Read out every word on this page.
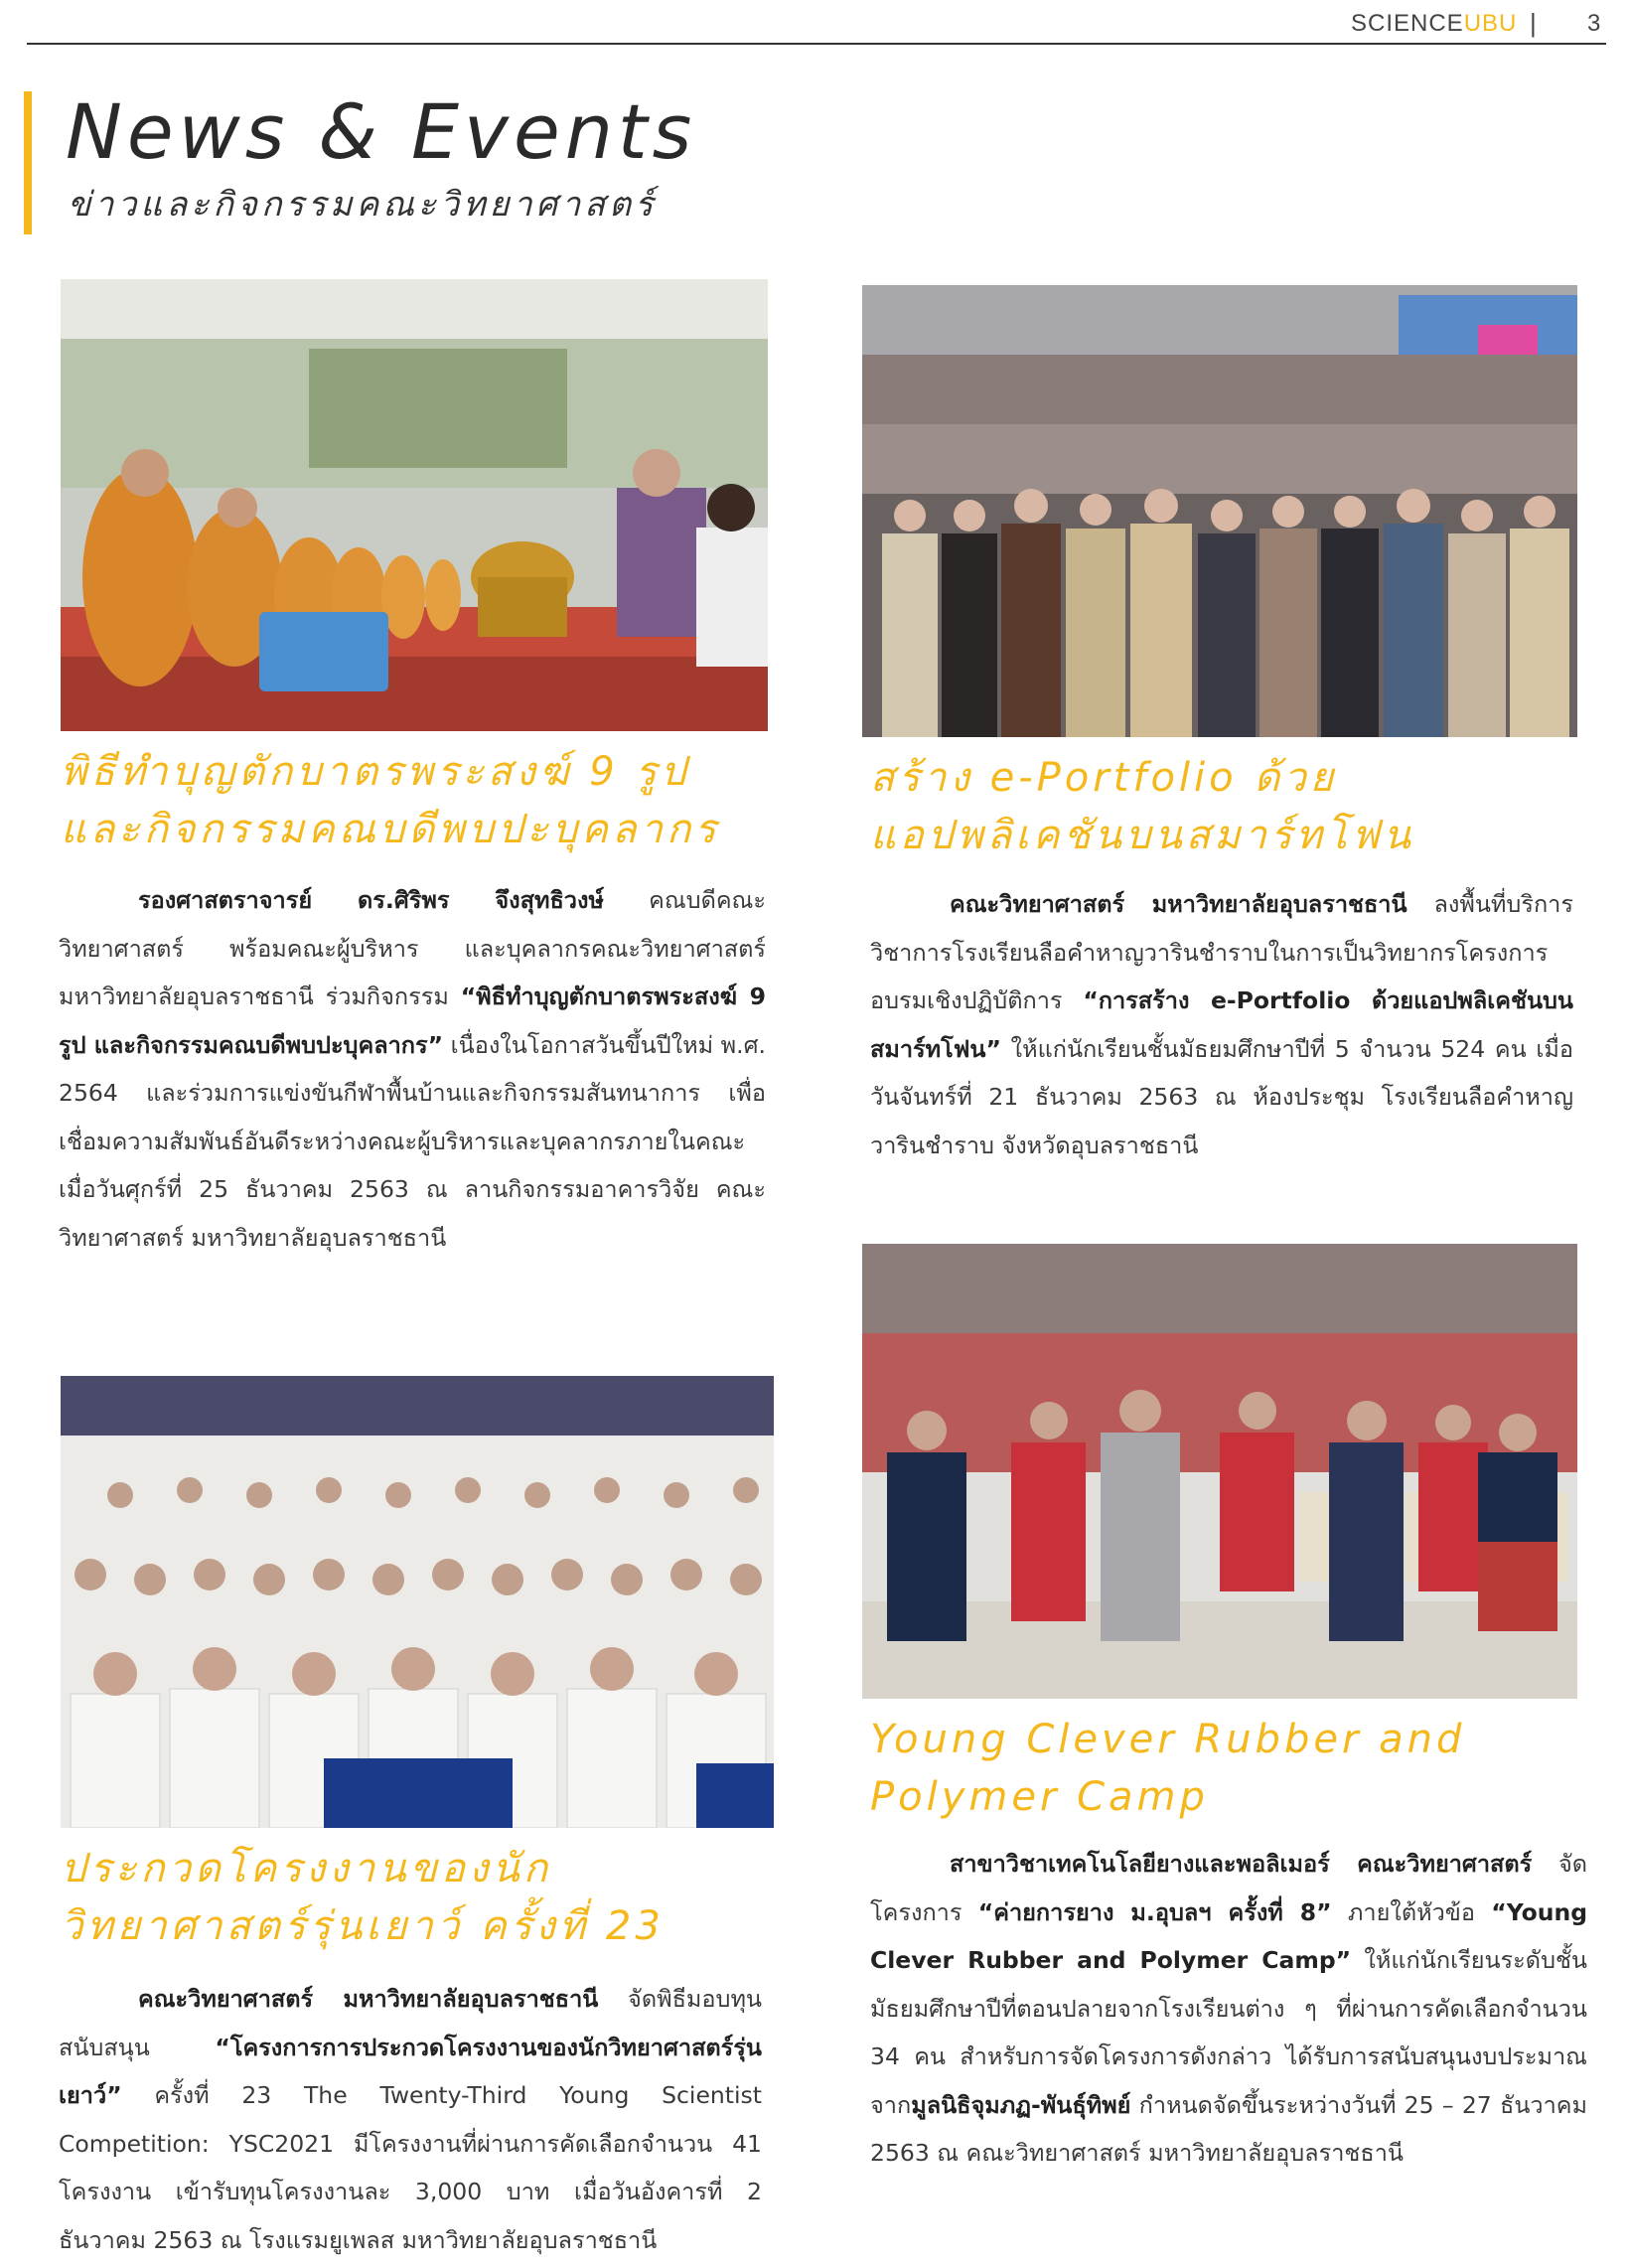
SCIENCEUBU | 3
News & Events

ข่าวและกิจกรรมคณะวิทยาศาสตร์

พิธีทำบุญตักบาตรพระสงฆ์ 9 รูปและกิจกรรมคณบดีพบปะบุคลากร

รองศาสตราจารย์ ดร.ศิริพร จึงสุทธิวงษ์ คณบดีคณะวิทยาศาสตร์ พร้อมคณะผู้บริหาร และบุคลากรคณะวิทยาศาสตร์ มหาวิทยาลัยอุบลราชธานี ร่วมกิจกรรม “พิธีทำบุญตักบาตรพระสงฆ์ 9 รูป และกิจกรรมคณบดีพบปะบุคลากร” เนื่องในโอกาสวันขึ้นปีใหม่ พ.ศ. 2564 และร่วมการแข่งขันกีฬาพื้นบ้านและกิจกรรมสันทนาการ เพื่อเชื่อมความสัมพันธ์อันดีระหว่างคณะผู้บริหารและบุคลากรภายในคณะ เมื่อวันศุกร์ที่ 25 ธันวาคม 2563 ณ ลานกิจกรรมอาคารวิจัย คณะวิทยาศาสตร์ มหาวิทยาลัยอุบลราชธานี

สร้าง e-Portfolio ด้วยแอปพลิเคชันบนสมาร์ทโฟน

คณะวิทยาศาสตร์ มหาวิทยาลัยอุบลราชธานี ลงพื้นที่บริการวิชาการโรงเรียนลือคำหาญวารินชำราบในการเป็นวิทยากรโครงการอบรมเชิงปฏิบัติการ “การสร้าง e-Portfolio ด้วยแอปพลิเคชันบนสมาร์ทโฟน” ให้แก่นักเรียนชั้นมัธยมศึกษาปีที่ 5 จำนวน 524 คน เมื่อวันจันทร์ที่ 21 ธันวาคม 2563 ณ ห้องประชุม โรงเรียนลือคำหาญ วารินชำราบ จังหวัดอุบลราชธานี

ประกวดโครงงานของนักวิทยาศาสตร์รุ่นเยาว์ ครั้งที่ 23

คณะวิทยาศาสตร์ มหาวิทยาลัยอุบลราชธานี จัดพิธีมอบทุนสนับสนุน “โครงการการประกวดโครงงานของนักวิทยาศาสตร์รุ่นเยาว์” ครั้งที่ 23 The Twenty-Third Young Scientist Competition: YSC2021 มีโครงงานที่ผ่านการคัดเลือกจำนวน 41 โครงงาน เข้ารับทุนโครงงานละ 3,000 บาท เมื่อวันอังคารที่ 2 ธันวาคม 2563 ณ โรงแรมยูเพลส มหาวิทยาลัยอุบลราชธานี

Young Clever Rubber and Polymer Camp

สาขาวิชาเทคโนโลยียางและพอลิเมอร์ คณะวิทยาศาสตร์ จัดโครงการ “ค่ายการยาง ม.อุบลฯ ครั้งที่ 8” ภายใต้หัวข้อ “Young Clever Rubber and Polymer Camp” ให้แก่นักเรียนระดับชั้นมัธยมศึกษาปีที่ตอนปลายจากโรงเรียนต่าง ๆ ที่ผ่านการคัดเลือกจำนวน 34 คน สำหรับการจัดโครงการดังกล่าว ได้รับการสนับสนุนงบประมาณจากมูลนิธิจุมภฏ-พันธุ์ทิพย์ กำหนดจัดขึ้นระหว่างวันที่ 25 – 27 ธันวาคม 2563 ณ คณะวิทยาศาสตร์ มหาวิทยาลัยอุบลราชธานี
